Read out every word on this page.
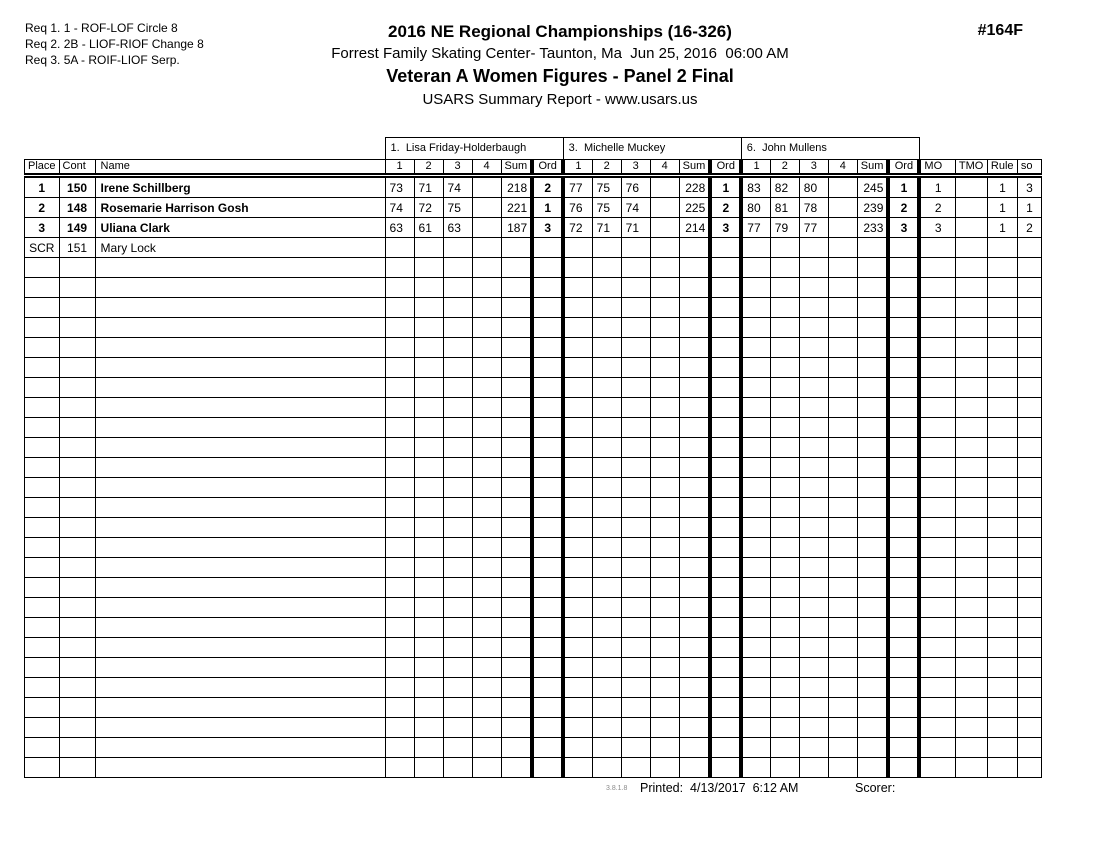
Req 1. 1 - ROF-LOF Circle 8
Req 2. 2B - LIOF-RIOF Change 8
Req 3. 5A - ROIF-LIOF Serp.
2016 NE Regional Championships (16-326)
Forrest Family Skating Center- Taunton, Ma  Jun 25, 2016  06:00 AM
Veteran A Women Figures - Panel 2 Final
USARS Summary Report - www.usars.us
#164F
			1.  Lisa Friday-Holderbaugh						3.  Michelle Muckey						6.  John Mullens									
Place	Cont	Name	1	2	3	4	Sum	Ord	1	2	3	4	Sum	Ord	1	2	3	4	Sum	Ord	MO	TMO	Rule	so
1	150	Irene Schillberg	73	71	74		218	2	77	75	76		228	1	83	82	80		245	1	1		1	3
2	148	Rosemarie Harrison Gosh	74	72	75		221	1	76	75	74		225	2	80	81	78		239	2	2		1	1
3	149	Uliana Clark	63	61	63		187	3	72	71	71		214	3	77	79	77		233	3	3		1	2
SCR	151	Mary Lock																						

3.8.1.8 Printed:  4/13/2017  6:12 AM	Scorer:
